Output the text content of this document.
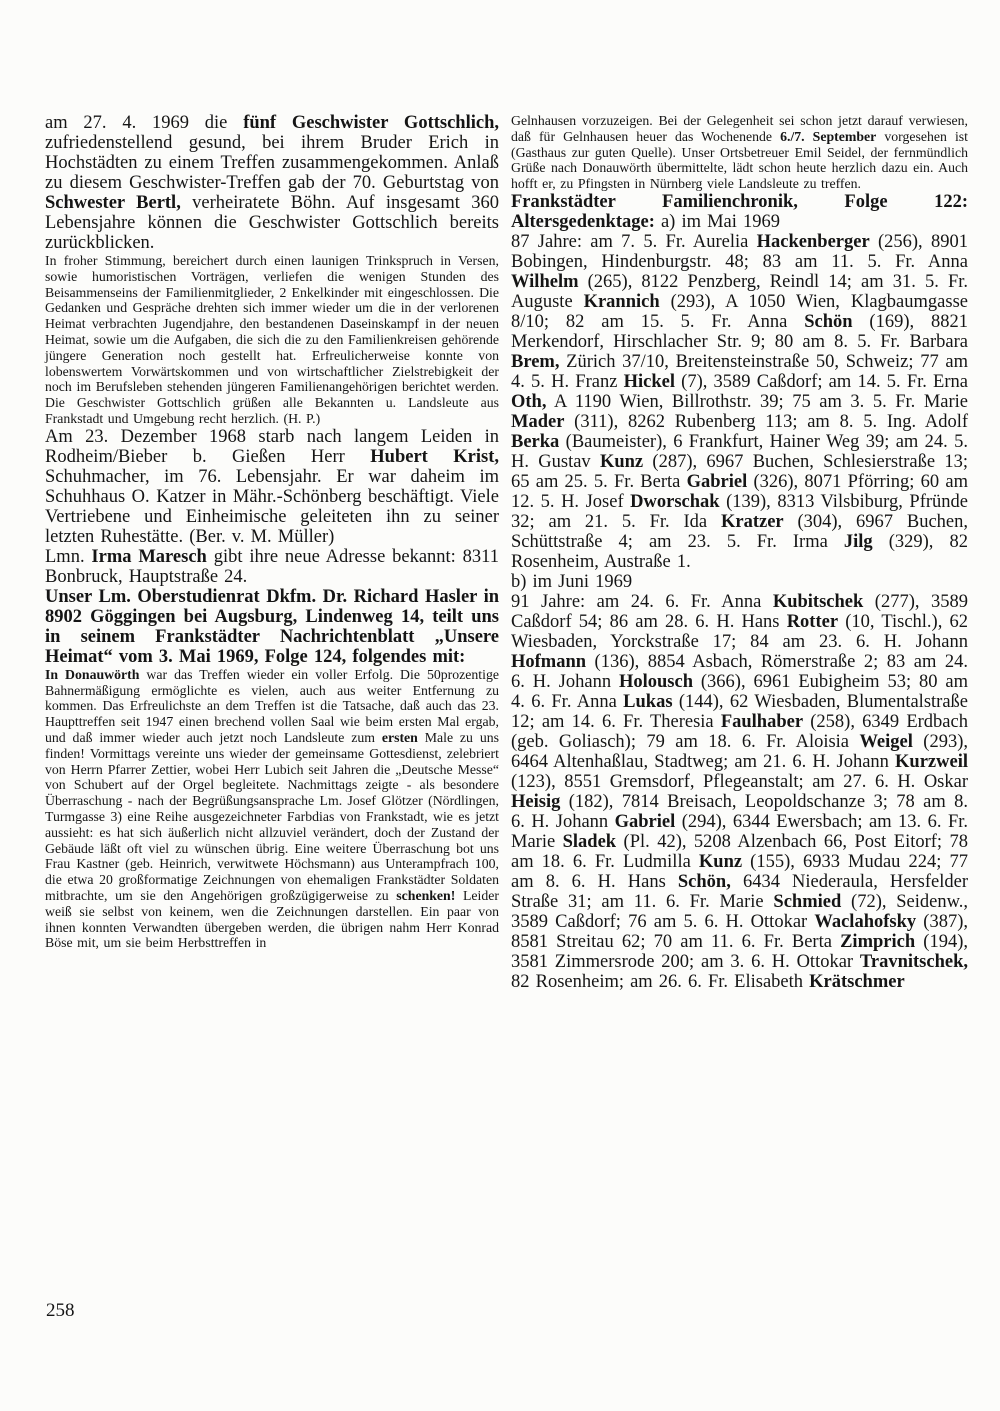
am 27. 4. 1969 die fünf Geschwister Gottschlich, zufriedenstellend gesund, bei ihrem Bruder Erich in Hochstädten zu einem Treffen zusammengekommen. Anlaß zu diesem Geschwister-Treffen gab der 70. Geburtstag von Schwester Bertl, verheiratete Böhn. Auf insgesamt 360 Lebensjahre können die Geschwister Gottschlich bereits zurückblicken.

In froher Stimmung, bereichert durch einen launigen Trinkspruch in Versen, sowie humoristischen Vorträgen, verliefen die wenigen Stunden des Beisammenseins der Familienmitglieder, 2 Enkelkinder mit eingeschlossen. Die Gedanken und Gespräche drehten sich immer wieder um die in der verlorenen Heimat verbrachten Jugendjahre, den bestandenen Daseinskampf in der neuen Heimat, sowie um die Aufgaben, die sich die zu den Familienkreisen gehörende jüngere Generation noch gestellt hat. Erfreulicherweise konnte von lobenswertem Vorwärtskommen und von wirtschaftlicher Zielstrebigkeit der noch im Berufsleben stehenden jüngeren Familienangehörigen berichtet werden. Die Geschwister Gottschlich grüßen alle Bekannten u. Landsleute aus Frankstadt und Umgebung recht herzlich. (H. P.)

Am 23. Dezember 1968 starb nach langem Leiden in Rodheim/Bieber b. Gießen Herr Hubert Krist, Schuhmacher, im 76. Lebensjahr. Er war daheim im Schuhhaus O. Katzer in Mähr.-Schönberg beschäftigt. Viele Vertriebene und Einheimische geleiteten ihn zu seiner letzten Ruhestätte. (Ber. v. M. Müller)

Lmn. Irma Maresch gibt ihre neue Adresse bekannt: 8311 Bonbruck, Hauptstraße 24.

Unser Lm. Oberstudienrat Dkfm. Dr. Richard Hasler in 8902 Göggingen bei Augsburg, Lindenweg 14, teilt uns in seinem Frankstädter Nachrichtenblatt „Unsere Heimat“ vom 3. Mai 1969, Folge 124, folgendes mit:

In Donauwörth war das Treffen wieder ein voller Erfolg. Die 50prozentige Bahnermäßigung ermöglichte es vielen, auch aus weiter Entfernung zu kommen. Das Erfreulichste an dem Treffen ist die Tatsache, daß auch das 23. Haupttreffen seit 1947 einen brechend vollen Saal wie beim ersten Mal ergab, und daß immer wieder auch jetzt noch Landsleute zum ersten Male zu uns finden! Vormittags vereinte uns wieder der gemeinsame Gottesdienst, zelebriert von Herrn Pfarrer Zettier, wobei Herr Lubich seit Jahren die „Deutsche Messe“ von Schubert auf der Orgel begleitete. Nachmittags zeigte - als besondere Überraschung - nach der Begrüßungsansprache Lm. Josef Glötzer (Nördlingen, Turmgasse 3) eine Reihe ausgezeichneter Farbdias von Frankstadt, wie es jetzt aussieht: es hat sich äußerlich nicht allzuviel verändert, doch der Zustand der Gebäude läßt oft viel zu wünschen übrig. Eine weitere Überraschung bot uns Frau Kastner (geb. Heinrich, verwitwete Höchsmann) aus Unterampfrach 100, die etwa 20 großformatige Zeichnungen von ehemaligen Frankstädter Soldaten mitbrachte, um sie den Angehörigen großzügigerweise zu schenken! Leider weiß sie selbst von keinem, wen die Zeichnungen darstellen. Ein paar von ihnen konnten Verwandten übergeben werden, die übrigen nahm Herr Konrad Böse mit, um sie beim Herbsttreffen in

Gelnhausen vorzuzeigen. Bei der Gelegenheit sei schon jetzt darauf verwiesen, daß für Gelnhausen heuer das Wochenende 6./7. September vorgesehen ist (Gasthaus zur guten Quelle). Unser Ortsbetreuer Emil Seidel, der fernmündlich Grüße nach Donauwörth übermittelte, lädt schon heute herzlich dazu ein. Auch hofft er, zu Pfingsten in Nürnberg viele Landsleute zu treffen.

Frankstädter Familienchronik, Folge 122: Altersgedenktage: a) im Mai 1969

87 Jahre: am 7. 5. Fr. Aurelia Hackenberger (256), 8901 Bobingen, Hindenburgstr. 48; 83 am 11. 5. Fr. Anna Wilhelm (265), 8122 Penzberg, Reindl 14; am 31. 5. Fr. Auguste Krannich (293), A 1050 Wien, Klagbaumgasse 8/10; 82 am 15. 5. Fr. Anna Schön (169), 8821 Merkendorf, Hirschlacher Str. 9; 80 am 8. 5. Fr. Barbara Brem, Zürich 37/10, Breitensteinstraße 50, Schweiz; 77 am 4. 5. H. Franz Hickel (7), 3589 Caßdorf; am 14. 5. Fr. Erna Oth, A 1190 Wien, Billrothstr. 39; 75 am 3. 5. Fr. Marie Mader (311), 8262 Rubenberg 113; am 8. 5. Ing. Adolf Berka (Baumeister), 6 Frankfurt, Hainer Weg 39; am 24. 5. H. Gustav Kunz (287), 6967 Buchen, Schlesierstraße 13; 65 am 25. 5. Fr. Berta Gabriel (326), 8071 Pförring; 60 am 12. 5. H. Josef Dworschak (139), 8313 Vilsbiburg, Pfründe 32; am 21. 5. Fr. Ida Kratzer (304), 6967 Buchen, Schüttstraße 4; am 23. 5. Fr. Irma Jilg (329), 82 Rosenheim, Austraße 1.

b) im Juni 1969

91 Jahre: am 24. 6. Fr. Anna Kubitschek (277), 3589 Caßdorf 54; 86 am 28. 6. H. Hans Rotter (10, Tischl.), 62 Wiesbaden, Yorckstraße 17; 84 am 23. 6. H. Johann Hofmann (136), 8854 Asbach, Römerstraße 2; 83 am 24. 6. H. Johann Holousch (366), 6961 Eubigheim 53; 80 am 4. 6. Fr. Anna Lukas (144), 62 Wiesbaden, Blumentalstraße 12; am 14. 6. Fr. Theresia Faulhaber (258), 6349 Erdbach (geb. Goliasch); 79 am 18. 6. Fr. Aloisia Weigel (293), 6464 Altenhaßlau, Stadtweg; am 21. 6. H. Johann Kurzweil (123), 8551 Gremsdorf, Pflegeanstalt; am 27. 6. H. Oskar Heisig (182), 7814 Breisach, Leopoldschanze 3; 78 am 8. 6. H. Johann Gabriel (294), 6344 Ewersbach; am 13. 6. Fr. Marie Sladek (Pl. 42), 5208 Alzenbach 66, Post Eitorf; 78 am 18. 6. Fr. Ludmilla Kunz (155), 6933 Mudau 224; 77 am 8. 6. H. Hans Schön, 6434 Niederaula, Hersfelder Straße 31; am 11. 6. Fr. Marie Schmied (72), Seidenw., 3589 Caßdorf; 76 am 5. 6. H. Ottokar Waclahofsky (387), 8581 Streitau 62; 70 am 11. 6. Fr. Berta Zimprich (194), 3581 Zimmersrode 200; am 3. 6. H. Ottokar Travnitschek, 82 Rosenheim; am 26. 6. Fr. Elisabeth Krätschmer

258
